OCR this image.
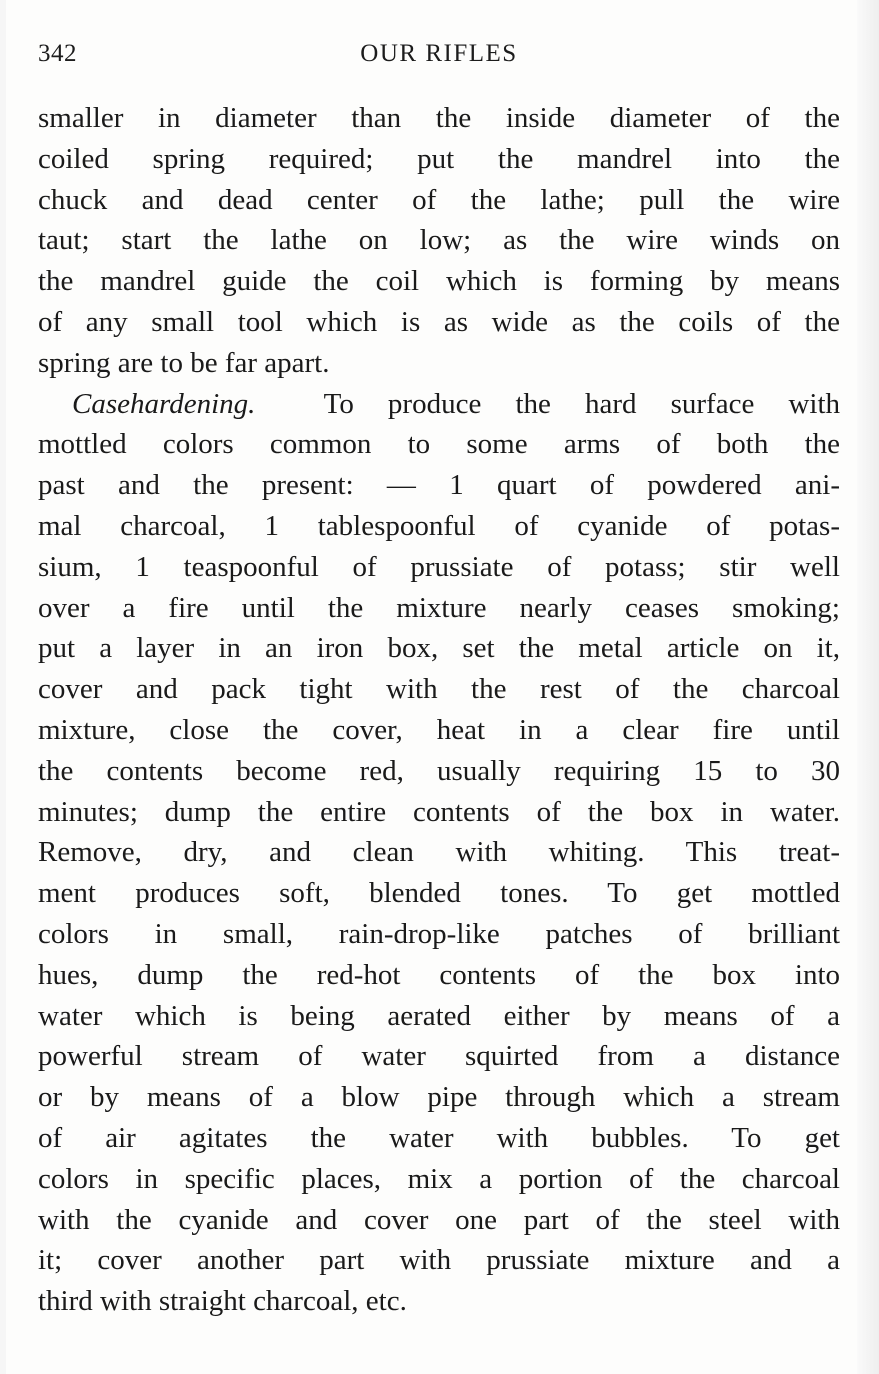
342	OUR RIFLES
smaller in diameter than the inside diameter of the
coiled spring required; put the mandrel into the
chuck and dead center of the lathe; pull the wire
taut; start the lathe on low; as the wire winds on
the mandrel guide the coil which is forming by means
of any small tool which is as wide as the coils of the
spring are to be far apart.
Casehardening. To produce the hard surface with
mottled colors common to some arms of both the
past and the present: — 1 quart of powdered ani-
mal charcoal, 1 tablespoonful of cyanide of potas-
sium, 1 teaspoonful of prussiate of potass; stir well
over a fire until the mixture nearly ceases smoking;
put a layer in an iron box, set the metal article on it,
cover and pack tight with the rest of the charcoal
mixture, close the cover, heat in a clear fire until
the contents become red, usually requiring 15 to 30
minutes; dump the entire contents of the box in water.
Remove, dry, and clean with whiting. This treat-
ment produces soft, blended tones. To get mottled
colors in small, rain-drop-like patches of brilliant
hues, dump the red-hot contents of the box into
water which is being aerated either by means of a
powerful stream of water squirted from a distance
or by means of a blow pipe through which a stream
of air agitates the water with bubbles. To get
colors in specific places, mix a portion of the charcoal
with the cyanide and cover one part of the steel with
it; cover another part with prussiate mixture and a
third with straight charcoal, etc.
